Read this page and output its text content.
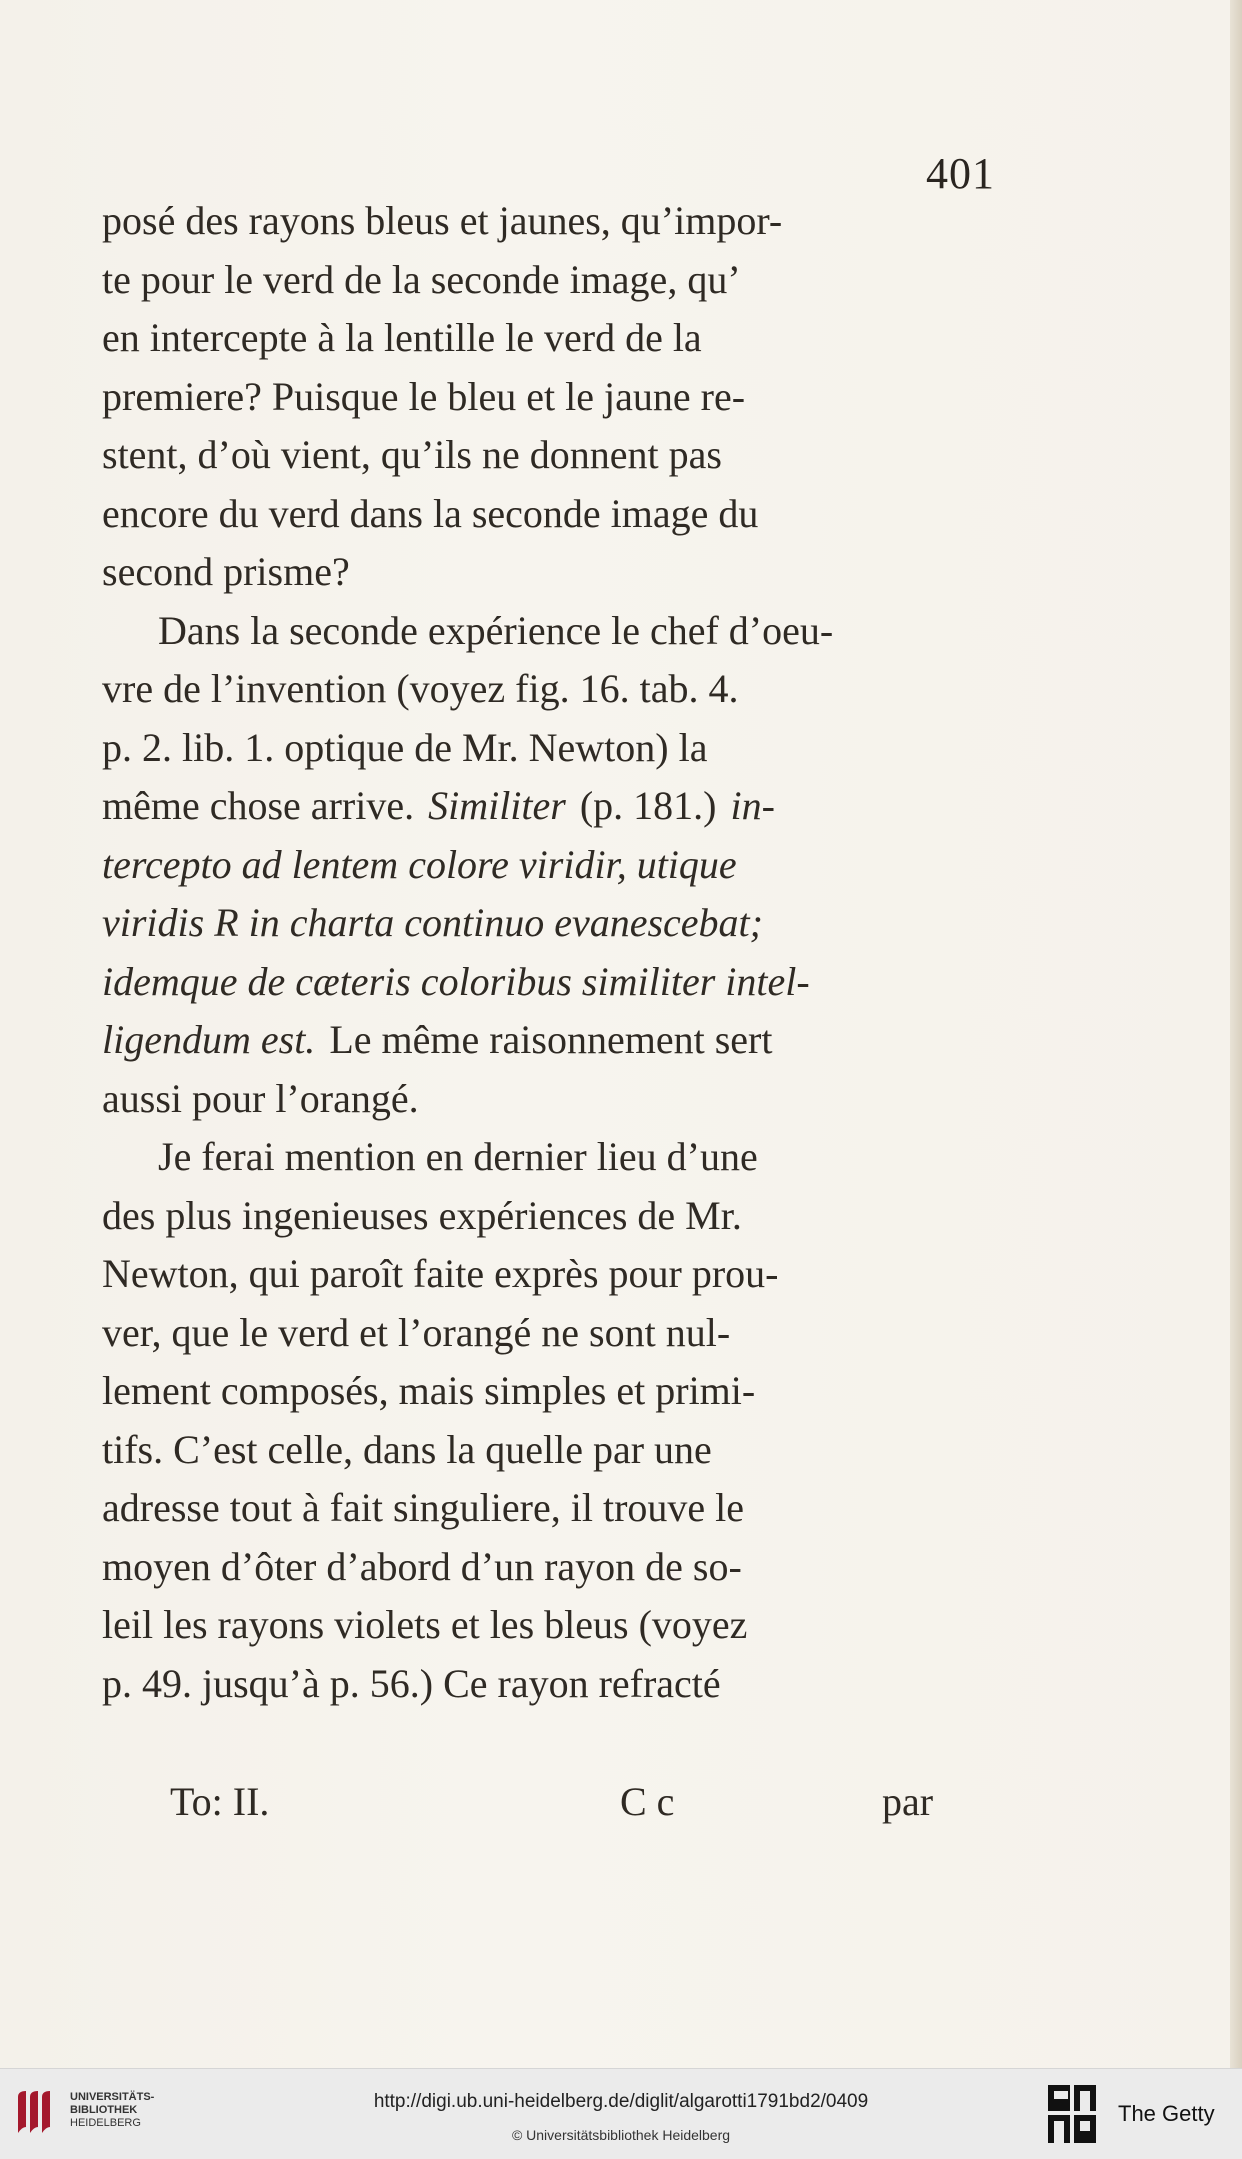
401
posé des rayons bleus et jaunes, qu’impor-
te pour le verd de la seconde image, qu’
en intercepte à la lentille le verd de la
premiere? Puisque le bleu et le jaune re-
stent, d’où vient, qu’ils ne donnent pas
encore du verd dans la seconde image du
second prisme?
Dans la seconde expérience le chef d’oeu-
vre de l’invention (voyez fig. 16. tab. 4.
p. 2. lib. 1. optique de Mr. Newton) la
même chose arrive. Similiter (p. 181.) in-
tercepto ad lentem colore viridir, utique
viridis R in charta continuo evanescebat;
idemque de cæteris coloribus similiter intel-
ligendum est. Le même raisonnement sert
aussi pour l’orangé.
Je ferai mention en dernier lieu d’une
des plus ingenieuses expériences de Mr.
Newton, qui paroît faite exprès pour prou-
ver, que le verd et l’orangé ne sont nul-
lement composés, mais simples et primi-
tifs. C’est celle, dans la quelle par une
adresse tout à fait singuliere, il trouve le
moyen d’ôter d’abord d’un rayon de so-
leil les rayons violets et les bleus (voyez
p. 49. jusqu’à p. 56.) Ce rayon refracté
To: II.	C c	par
UNIVERSITÄTS-
BIBLIOTHEK
HEIDELBERG
http://digi.ub.uni-heidelberg.de/diglit/algarotti1791bd2/0409
© Universitätsbibliothek Heidelberg
The Getty
